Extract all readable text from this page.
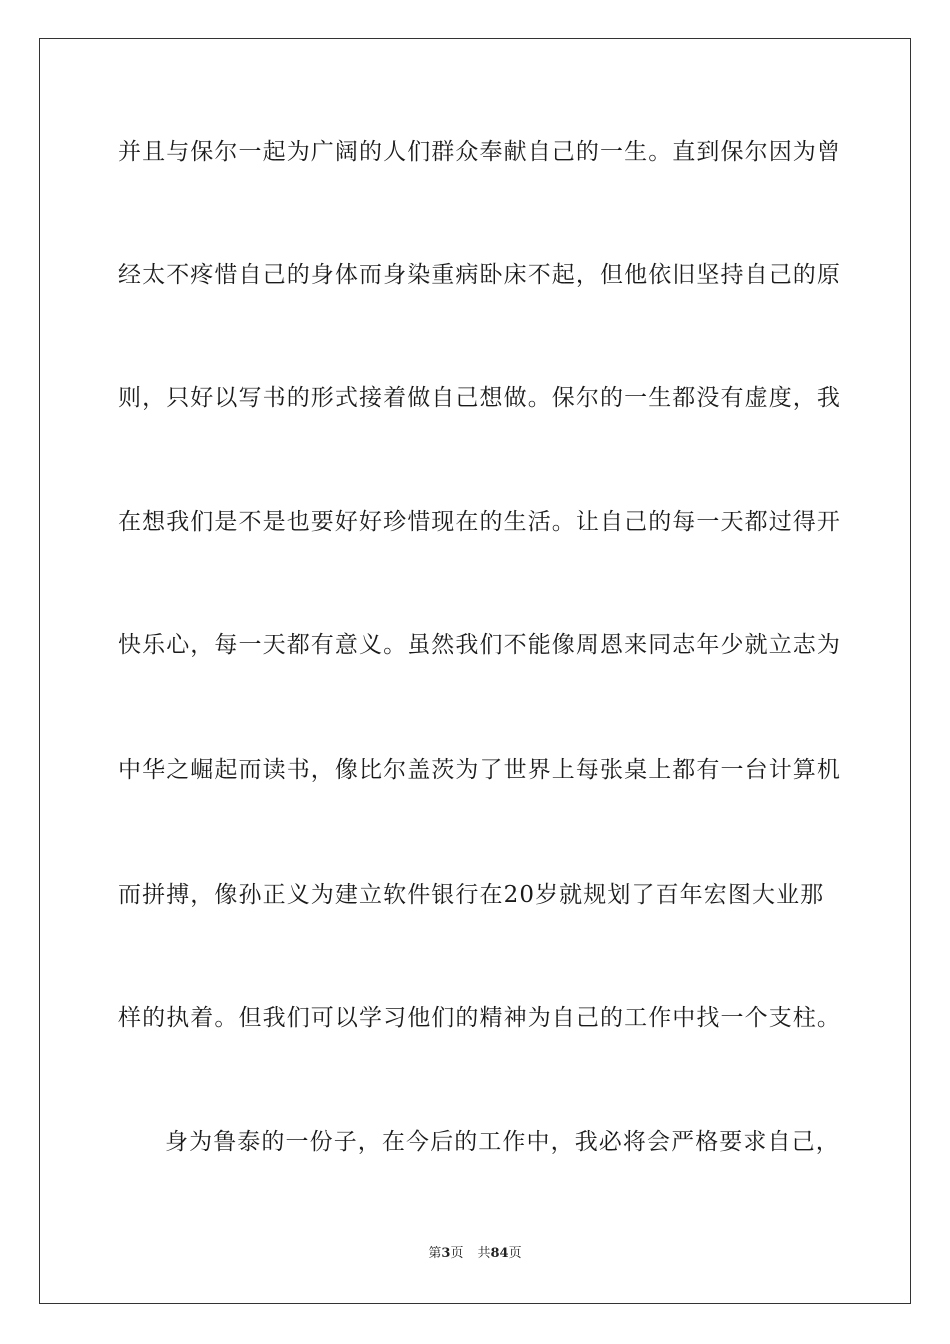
并且与保尔一起为广阔的人们群众奉献自己的一生。直到保尔因为曾
经太不疼惜自己的身体而身染重病卧床不起，但他依旧坚持自己的原
则，只好以写书的形式接着做自己想做。保尔的一生都没有虚度，我
在想我们是不是也要好好珍惜现在的生活。让自己的每一天都过得开
快乐心，每一天都有意义。虽然我们不能像周恩来同志年少就立志为
中华之崛起而读书，像比尔盖茨为了世界上每张桌上都有一台计算机
而拼搏，像孙正义为建立软件银行在20岁就规划了百年宏图大业那
样的执着。但我们可以学习他们的精神为自己的工作中找一个支柱。
身为鲁泰的一份子，在今后的工作中，我必将会严格要求自己，
第3页 共84页
